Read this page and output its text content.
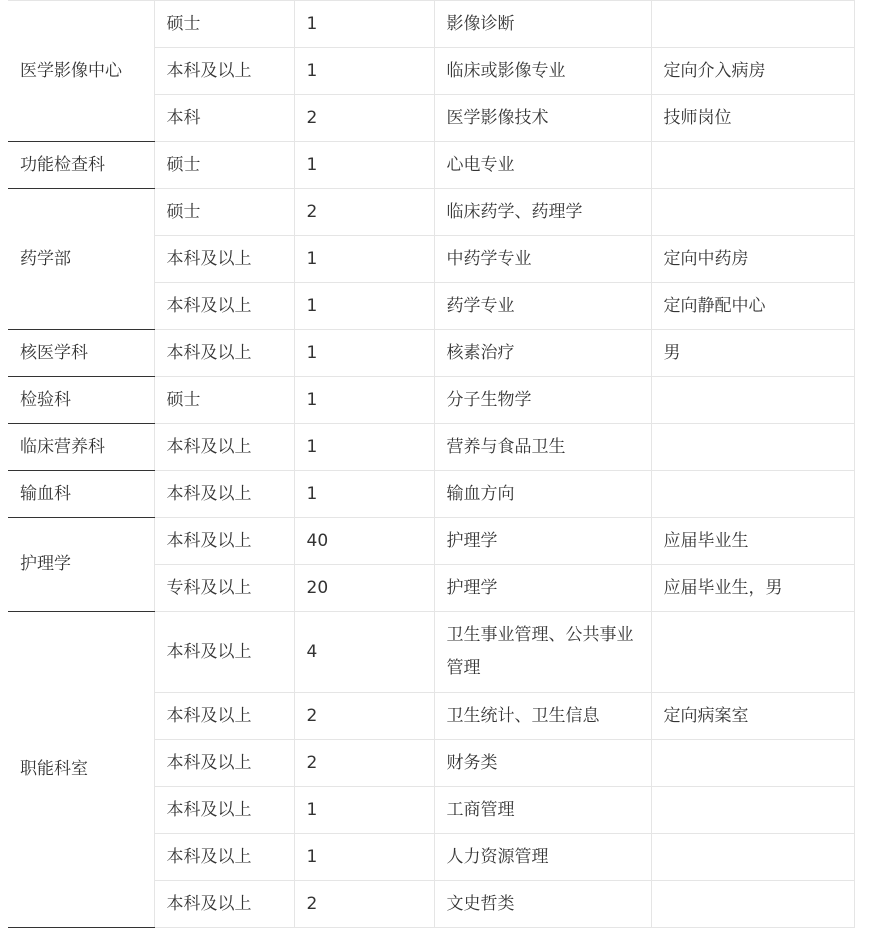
医学影像中心	硕士	1	影像诊断	
	本科及以上	1	临床或影像专业	定向介入病房
	本科	2	医学影像技术	技师岗位
功能检查科	硕士	1	心电专业	
药学部	硕士	2	临床药学、药理学	
	本科及以上	1	中药学专业	定向中药房
	本科及以上	1	药学专业	定向静配中心
核医学科	本科及以上	1	核素治疗	男
检验科	硕士	1	分子生物学	
临床营养科	本科及以上	1	营养与食品卫生	
输血科	本科及以上	1	输血方向	
护理学	本科及以上	40	护理学	应届毕业生
	专科及以上	20	护理学	应届毕业生，男
职能科室	本科及以上	4	卫生事业管理、公共事业管理	
	本科及以上	2	卫生统计、卫生信息	定向病案室
	本科及以上	2	财务类	
	本科及以上	1	工商管理	
	本科及以上	1	人力资源管理	
	本科及以上	2	文史哲类	
